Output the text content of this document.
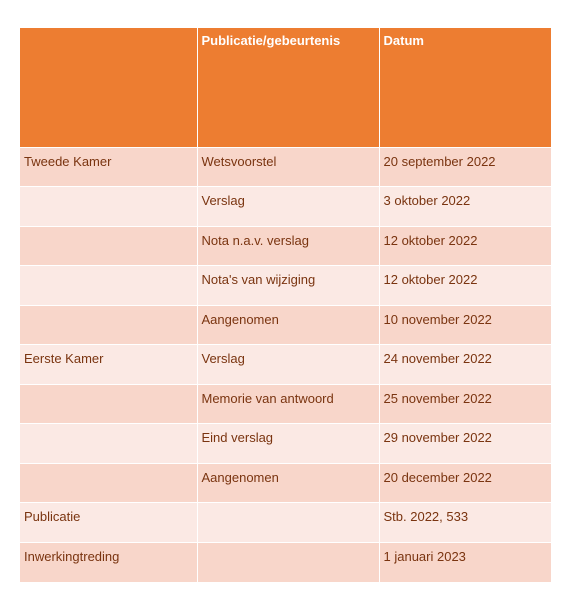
	Publicatie/gebeurtenis	Datum
Tweede Kamer	Wetsvoorstel	20 september 2022
	Verslag	3 oktober 2022
	Nota n.a.v. verslag	12 oktober 2022
	Nota's van wijziging	12 oktober 2022
	Aangenomen	10 november 2022
Eerste Kamer	Verslag	24 november 2022
	Memorie van antwoord	25 november 2022
	Eind verslag	29 november 2022
	Aangenomen	20 december 2022
Publicatie		Stb. 2022, 533
Inwerkingtreding		1 januari 2023
